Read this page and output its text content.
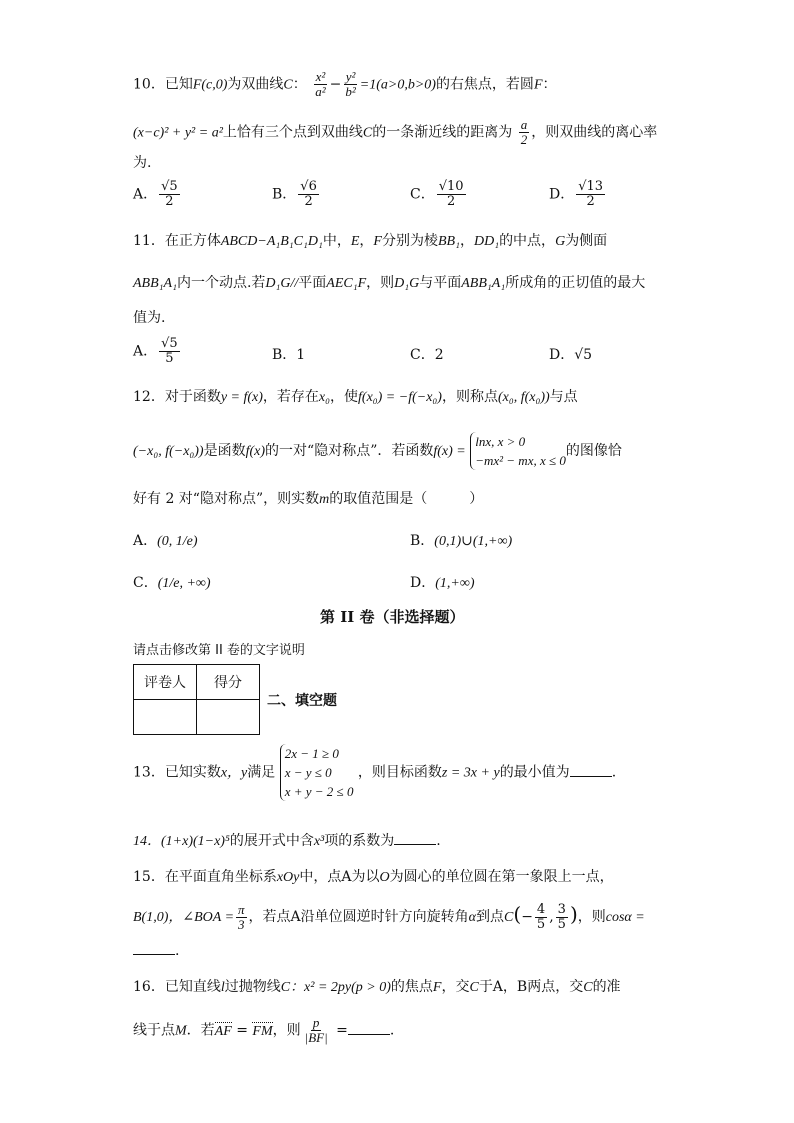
10．已知F(c,0)为双曲线C： $\frac{\text{x²}}{\text{a²}} - \frac{\text{y²}}{\text{b²}} =1(a>0,b>0)$的右焦点，若圆F：
(x−c)² + y² = a²上恰有三个点到双曲线C的一条渐近线的距离为 $\frac{a}{2}$ ，则双曲线的离心率
为.
A． $\frac{√5}{2}$	B． $\frac{√6}{2}$	C． $\frac{√10}{2}$	D． $\frac{√13}{2}$
11．在正方体ABCD−A₁B₁C₁D₁中，E，F分别为棱BB₁，DD₁的中点，G为侧面
ABB₁A₁内一个动点.若D₁G//平面AEC₁F，则D₁G与平面ABB₁A₁所成角的正切值的最大
值为.
A． $\frac{√5}{5}$	B．1	C．2	D．√5
12．对于函数y = f(x)，若存在x₀，使f(x₀) = −f(−x₀)，则称点(x₀, f(x₀))与点
(−x₀, f(−x₀))是函数f(x)的一对“隐对称点”．若函数f(x) = lnx, x > 0
−mx² − mx, x ≤ 0的图像恰
好有 2 对“隐对称点”，则实数m的取值范围是（　　　）
A．(0, 1/e)	B．(0,1)∪(1,+∞)
C．(1/e, +∞)	D．(1,+∞)
第 II 卷（非选择题）
请点击修改第 II 卷的文字说明
评卷人	得分

二、填空题
13．已知实数x，y满足 2x − 1 ≥ 0
x − y ≤ 0
x + y − 2 ≤ 0 ，则目标函数z = 3x + y的最小值为	.
14．(1+x)(1−x)⁵的展开式中含x³项的系数为	.
15．在平面直角坐标系xOy中，点A为以O为圆心的单位圆在第一象限上一点，
B(1,0)，∠BOA = $\frac{\pi}{3}$ ，若点A沿单位圆逆时针方向旋转角α到点$C(- \frac{4}{5}$ , $\frac{3}{5}$ )，则cosα =
.
16．已知直线l过抛物线C：x² = 2py(p > 0)的焦点F，交C于A，B两点，交C的准
线于点M．若AF = FM，则 $\frac{p}{|BF|}$ =	.
